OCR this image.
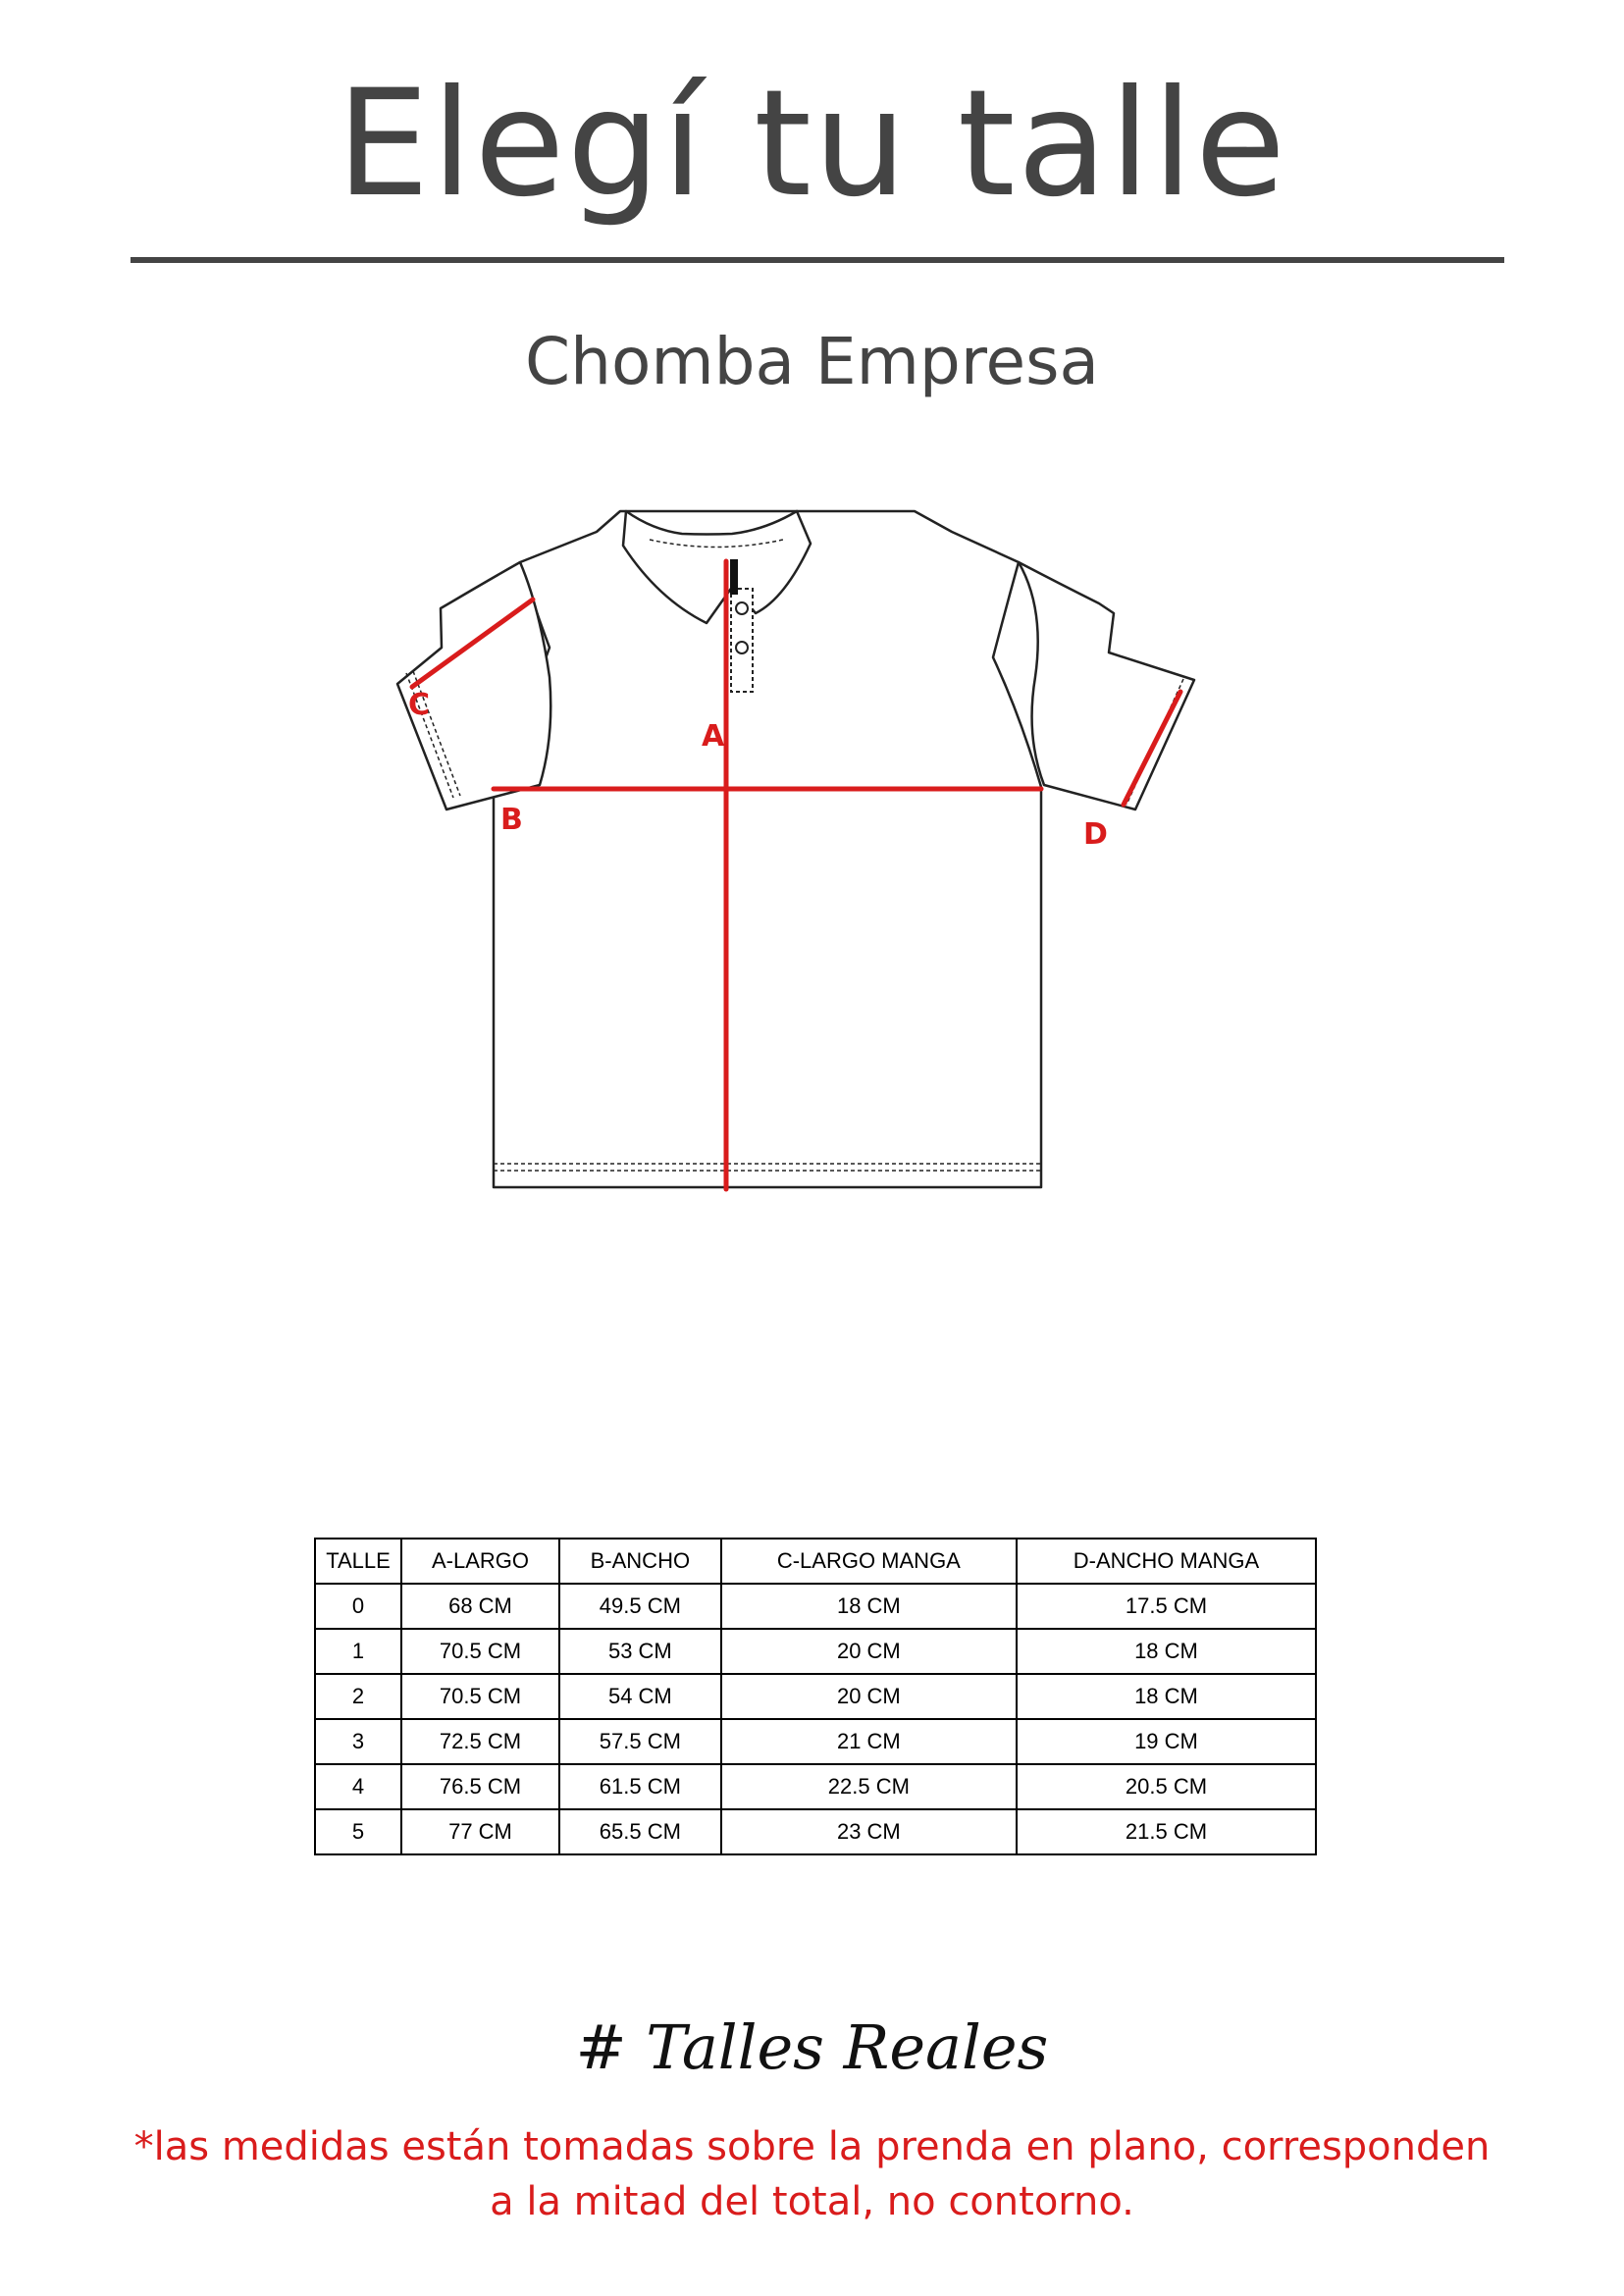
Elegí tu talle
Chomba Empresa
A
B
C
D
TALLE	A-LARGO	B-ANCHO	C-LARGO MANGA	D-ANCHO MANGA
0	68 CM	49.5 CM	18 CM	17.5 CM
1	70.5 CM	53 CM	20 CM	18 CM
2	70.5 CM	54 CM	20 CM	18 CM
3	72.5 CM	57.5 CM	21 CM	19 CM
4	76.5 CM	61.5 CM	22.5 CM	20.5 CM
5	77 CM	65.5 CM	23 CM	21.5 CM
# Talles Reales
*las medidas están tomadas sobre la prenda en plano, corresponden
a la mitad del total, no contorno.
